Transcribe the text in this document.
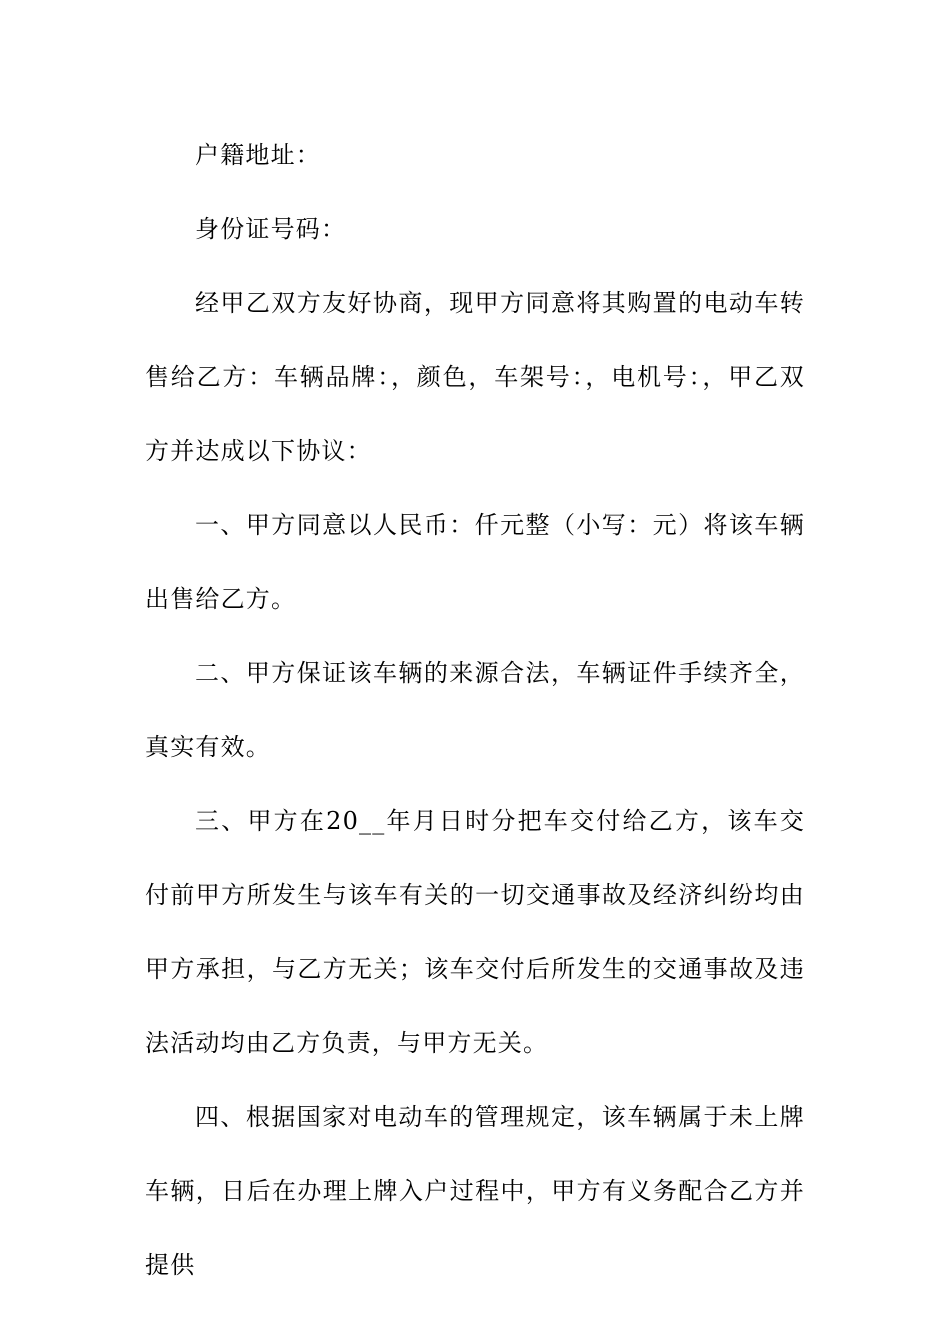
户籍地址：

身份证号码：

经甲乙双方友好协商，现甲方同意将其购置的电动车转售给乙方：车辆品牌：，颜色，车架号：，电机号：，甲乙双方并达成以下协议：

一、甲方同意以人民币：仟元整（小写：元）将该车辆出售给乙方。

二、甲方保证该车辆的来源合法，车辆证件手续齐全，真实有效。

三、甲方在20__年月日时分把车交付给乙方，该车交付前甲方所发生与该车有关的一切交通事故及经济纠纷均由甲方承担，与乙方无关；该车交付后所发生的交通事故及违法活动均由乙方负责，与甲方无关。

四、根据国家对电动车的管理规定，该车辆属于未上牌车辆，日后在办理上牌入户过程中，甲方有义务配合乙方并提供
